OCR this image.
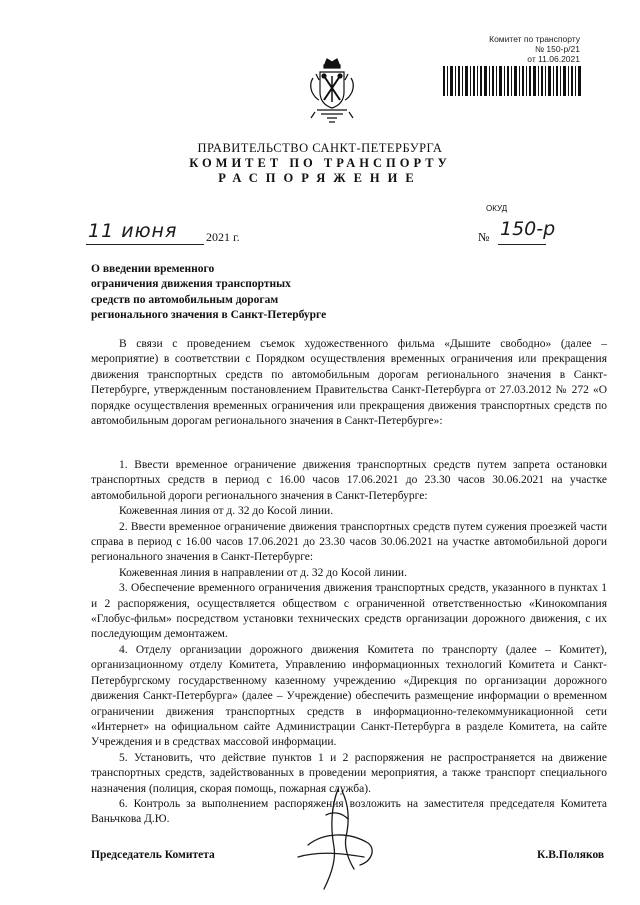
Комитет по транспорту
№ 150-р/21
от 11.06.2021
ПРАВИТЕЛЬСТВО САНКТ-ПЕТЕРБУРГА
КОМИТЕТ ПО ТРАНСПОРТУ
РАСПОРЯЖЕНИЕ
ОКУД
11 июня 2021 г.	№ 150-р
О введении временного
ограничения движения транспортных
средств по автомобильным дорогам
регионального значения в Санкт-Петербурге

В связи с проведением съемок художественного фильма «Дышите свободно» (далее – мероприятие) в соответствии с Порядком осуществления временных ограничения или прекращения движения транспортных средств по автомобильным дорогам регионального значения в Санкт-Петербурге, утвержденным постановлением Правительства Санкт-Петербурга от 27.03.2012 № 272 «О порядке осуществления временных ограничения или прекращения движения транспортных средств по автомобильным дорогам регионального значения в Санкт-Петербурге»:

1. Ввести временное ограничение движения транспортных средств путем запрета остановки транспортных средств в период с 16.00 часов 17.06.2021 до 23.30 часов 30.06.2021 на участке автомобильной дороги регионального значения в Санкт-Петербурге:

Кожевенная линия от д. 32 до Косой линии.

2. Ввести временное ограничение движения транспортных средств путем сужения проезжей части справа в период с 16.00 часов 17.06.2021 до 23.30 часов 30.06.2021 на участке автомобильной дороги регионального значения в Санкт-Петербурге:

Кожевенная линия в направлении от д. 32 до Косой линии.

3. Обеспечение временного ограничения движения транспортных средств, указанного в пунктах 1 и 2 распоряжения, осуществляется обществом с ограниченной ответственностью «Кинокомпания «Глобус-фильм» посредством установки технических средств организации дорожного движения, с их последующим демонтажем.

4. Отделу организации дорожного движения Комитета по транспорту (далее – Комитет), организационному отделу Комитета, Управлению информационных технологий Комитета и Санкт-Петербургскому государственному казенному учреждению «Дирекция по организации дорожного движения Санкт-Петербурга» (далее – Учреждение) обеспечить размещение информации о временном ограничении движения транспортных средств в информационно-телекоммуникационной сети «Интернет» на официальном сайте Администрации Санкт-Петербурга в разделе Комитета, на сайте Учреждения и в средствах массовой информации.

5. Установить, что действие пунктов 1 и 2 распоряжения не распространяется на движение транспортных средств, задействованных в проведении мероприятия, а также транспорт специального назначения (полиция, скорая помощь, пожарная служба).

6. Контроль за выполнением распоряжения возложить на заместителя председателя Комитета Ваньчкова Д.Ю.

Председатель Комитета	К.В.Поляков
